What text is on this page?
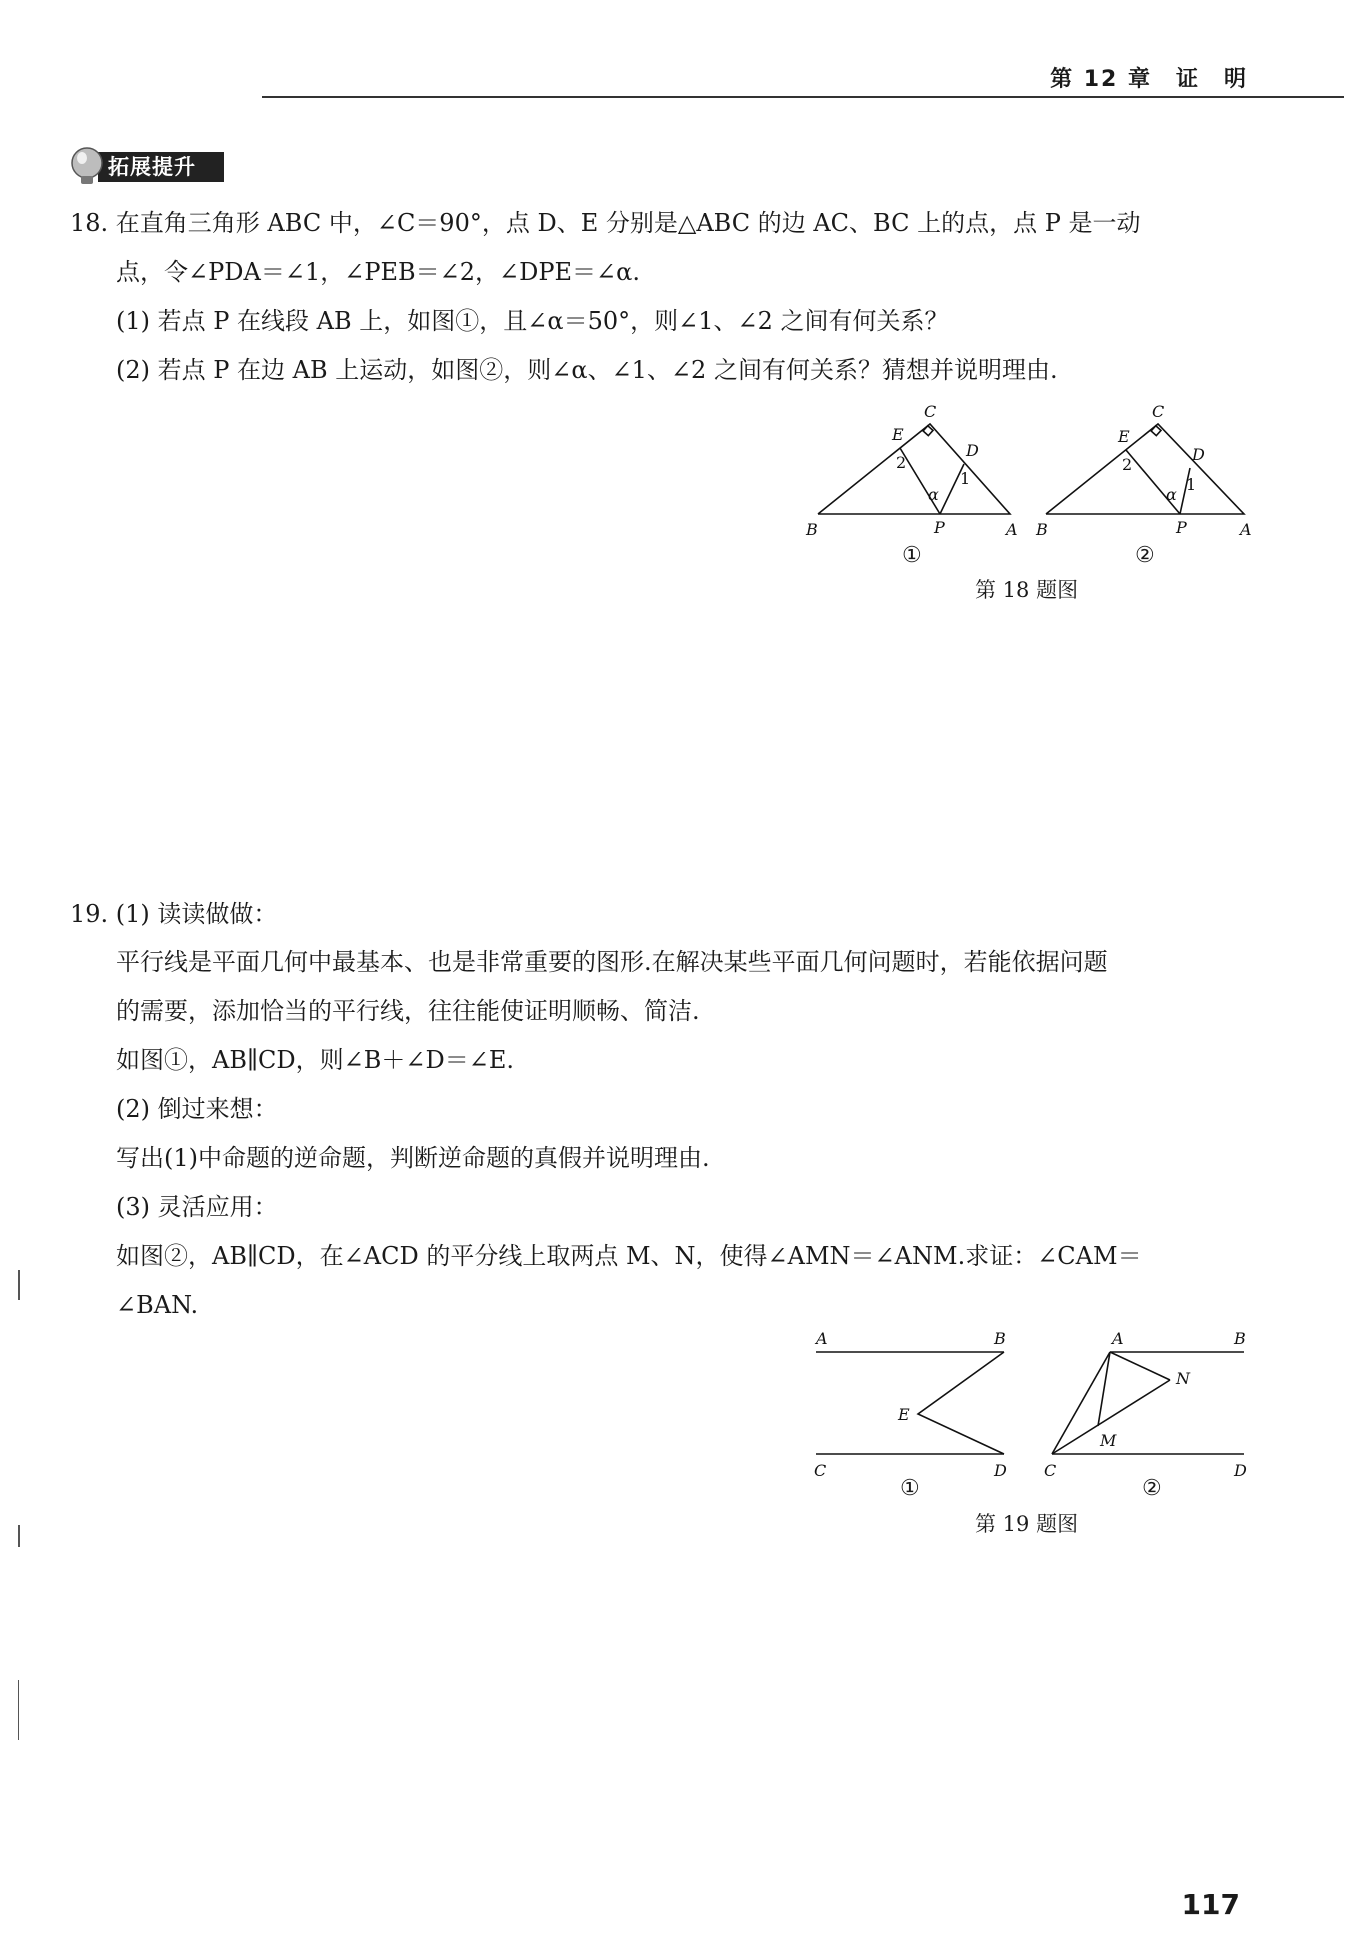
第 12 章　证　明
拓展提升
18. 在直角三角形 ABC 中，∠C＝90°，点 D、E 分别是△ABC 的边 AC、BC 上的点，点 P 是一动
点，令∠PDA＝∠1，∠PEB＝∠2，∠DPE＝∠α.
(1) 若点 P 在线段 AB 上，如图①，且∠α＝50°，则∠1、∠2 之间有何关系？
(2) 若点 P 在边 AB 上运动，如图②，则∠α、∠1、∠2 之间有何关系？猜想并说明理由.
C
E
D
B	P	A
2
1
α
C
E
D
B	P	A
2
1
α
①	②
第 18 题图
19. (1) 读读做做：
平行线是平面几何中最基本、也是非常重要的图形.在解决某些平面几何问题时，若能依据问题
的需要，添加恰当的平行线，往往能使证明顺畅、简洁.
如图①，AB∥CD，则∠B＋∠D＝∠E.
(2) 倒过来想：
写出(1)中命题的逆命题，判断逆命题的真假并说明理由.
(3) 灵活应用：
如图②，AB∥CD，在∠ACD 的平分线上取两点 M、N，使得∠AMN＝∠ANM.求证：∠CAM＝
∠BAN.
A	B
E
C	D
A	B
N
M
C	D
①	②
第 19 题图
117
